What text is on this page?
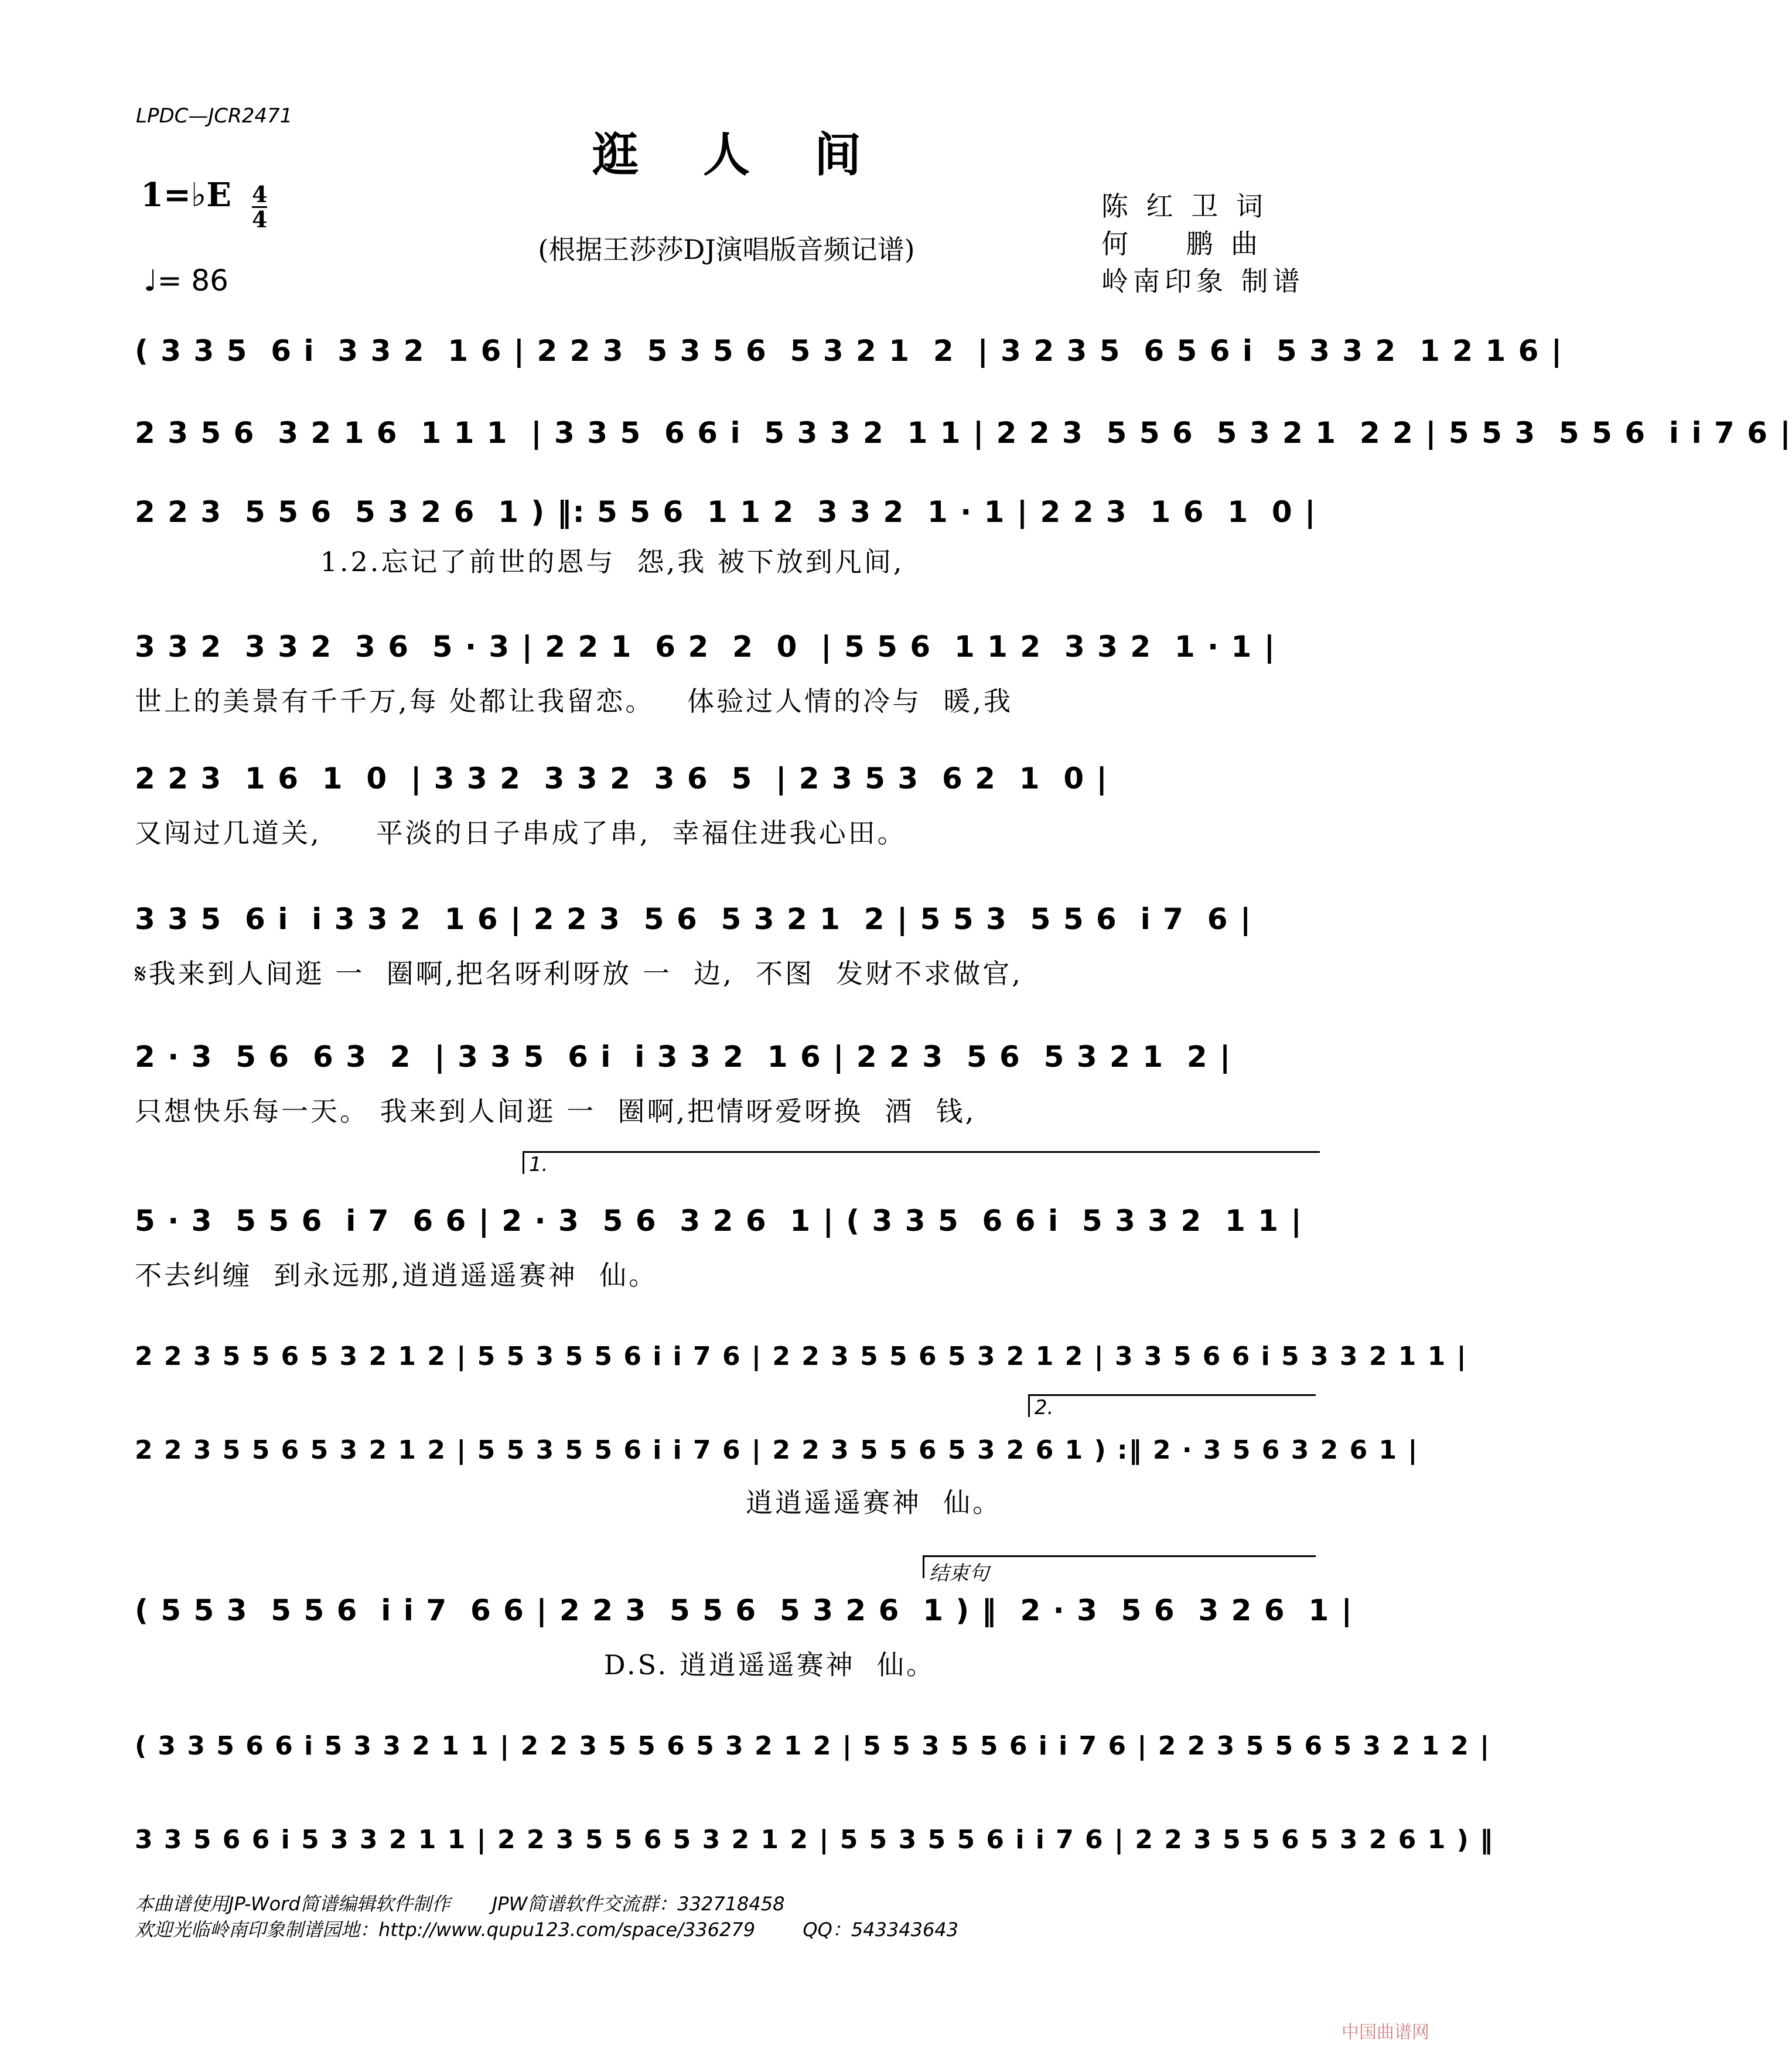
LPDC—JCR2471
逛人间
1=♭E 4
4
♩= 86
(根据王莎莎DJ演唱版音频记谱)
陈 红 卫 词
何    鹏 曲
岭南印象 制谱
( 3 3 5  6 i  3 3 2  1 6 | 2 2 3  5 3 5 6  5 3 2 1  2  | 3 2 3 5  6 5 6 i  5 3 3 2  1 2 1 6 |
2 3 5 6  3 2 1 6  1 1 1  | 3 3 5  6 6 i  5 3 3 2  1 1 | 2 2 3  5 5 6  5 3 2 1  2 2 | 5 5 3  5 5 6  i i 7 6 |
2 2 3  5 5 6  5 3 2 6  1 ) ‖: 5 5 6  1 1 2  3 3 2  1 · 1 | 2 2 3  1 6  1  0 |
1.2.忘记了前世的恩与  怨,我 被下放到凡间,
3 3 2  3 3 2  3 6  5 · 3 | 2 2 1  6 2  2  0  | 5 5 6  1 1 2  3 3 2  1 · 1 |
世上的美景有千千万,每 处都让我留恋。   体验过人情的冷与  暖,我
2 2 3  1 6  1  0  | 3 3 2  3 3 2  3 6  5  | 2 3 5 3  6 2  1  0 |
又闯过几道关,     平淡的日子串成了串,  幸福住进我心田。
3 3 5  6 i  i 3 3 2  1 6 | 2 2 3  5 6  5 3 2 1  2 | 5 5 3  5 5 6  i 7  6 |
𝄋我来到人间逛 一  圈啊,把名呀利呀放 一  边,  不图  发财不求做官,
2 · 3  5 6  6 3  2  | 3 3 5  6 i  i 3 3 2  1 6 | 2 2 3  5 6  5 3 2 1  2 |
只想快乐每一天。 我来到人间逛 一  圈啊,把情呀爱呀换  酒  钱,
1.
5 · 3  5 5 6  i 7  6 6 | 2 · 3  5 6  3 2 6  1 | ( 3 3 5  6 6 i  5 3 3 2  1 1 |
不去纠缠  到永远那,逍逍遥遥赛神  仙。
2 2 3 5 5 6 5 3 2 1 2 | 5 5 3 5 5 6 i i 7 6 | 2 2 3 5 5 6 5 3 2 1 2 | 3 3 5 6 6 i 5 3 3 2 1 1 |
2.
2 2 3 5 5 6 5 3 2 1 2 | 5 5 3 5 5 6 i i 7 6 | 2 2 3 5 5 6 5 3 2 6 1 ) :‖ 2 · 3 5 6 3 2 6 1 |
逍逍遥遥赛神  仙。
结束句
( 5 5 3  5 5 6  i i 7  6 6 | 2 2 3  5 5 6  5 3 2 6  1 ) ‖  2 · 3  5 6  3 2 6  1 |
D.S. 逍逍遥遥赛神  仙。
( 3 3 5 6 6 i 5 3 3 2 1 1 | 2 2 3 5 5 6 5 3 2 1 2 | 5 5 3 5 5 6 i i 7 6 | 2 2 3 5 5 6 5 3 2 1 2 |
3 3 5 6 6 i 5 3 3 2 1 1 | 2 2 3 5 5 6 5 3 2 1 2 | 5 5 3 5 5 6 i i 7 6 | 2 2 3 5 5 6 5 3 2 6 1 ) ‖
本曲谱使用JP-Word简谱编辑软件制作       JPW简谱软件交流群：332718458
欢迎光临岭南印象制谱园地：http://www.qupu123.com/space/336279        QQ：543343643
中国曲谱网
